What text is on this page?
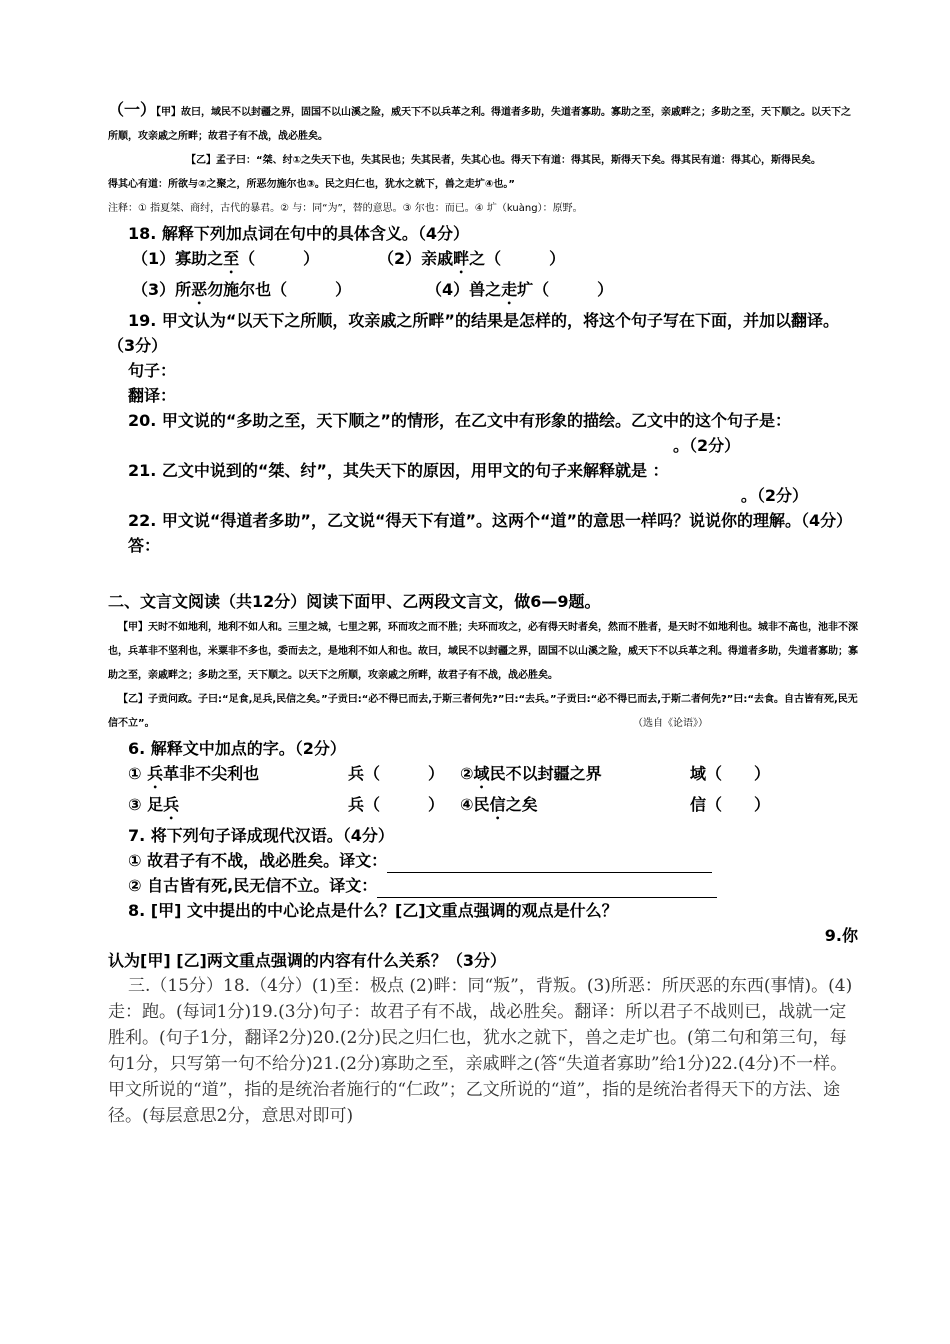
（一）【甲】故曰，域民不以封疆之界，固国不以山溪之险，威天下不以兵革之利。得道者多助，失道者寡助。寡助之至，亲戚畔之；多助之至，天下顺之。以天下之所顺，攻亲戚之所畔；故君子有不战，战必胜矣。
【乙】孟子曰：“桀、纣①之失天下也，失其民也；失其民者，失其心也。得天下有道：得其民，斯得天下矣。得其民有道：得其心，斯得民矣。
得其心有道：所欲与②之聚之，所恶勿施尔也③。民之归仁也，犹水之就下，兽之走圹④也。”
注释：① 指夏桀、商纣，古代的暴君。② 与：同“为”，替的意思。③ 尔也：而已。④ 圹（kuàng）：原野。
18. 解释下列加点词在句中的具体含义。（4分）
（1）寡助之至（　　　）	（2）亲戚畔之（　　　）
（3）所恶勿施尔也（　　　）	（4）兽之走圹（　　　）
19. 甲文认为“以天下之所顺，攻亲戚之所畔”的结果是怎样的，将这个句子写在下面，并加以翻译。（3分）
句子：
翻译：
20. 甲文说的“多助之至，天下顺之”的情形，在乙文中有形象的描绘。乙文中的这个句子是：。（2分）
21. 乙文中说到的“桀、纣”，其失天下的原因，用甲文的句子来解释就是 ：
。（2分）
22. 甲文说“得道者多助”，乙文说“得天下有道”。这两个“道”的意思一样吗？说说你的理解。（4分）
答：
二、文言文阅读（共12分）阅读下面甲、乙两段文言文，做6—9题。
【甲】天时不如地利，地利不如人和。三里之城，七里之郭，环而攻之而不胜；夫环而攻之，必有得天时者矣，然而不胜者，是天时不如地利也。城非不高也，池非不深也，兵革非不坚利也，米粟非不多也，委而去之，是地利不如人和也。故曰，域民不以封疆之界，固国不以山溪之险，威天下不以兵革之利。得道者多助，失道者寡助；寡助之至，亲戚畔之；多助之至，天下顺之。以天下之所顺，攻亲戚之所畔，故君子有不战，战必胜矣。
【乙】子贡问政。子曰:“足食,足兵,民信之矣。”子贡曰:“必不得已而去,于斯三者何先?”曰:“去兵。”子贡曰:“必不得已而去,于斯二者何先?”曰:“去食。自古皆有死,民无信不立”。	（选自《论语》）
6. 解释文中加点的字。（2分）
① 兵革非不尖利也	兵（　　　） ②域民不以封疆之界	域（　　）
③ 足兵	兵（　　　） ④民信之矣	信（　　）
7. 将下列句子译成现代汉语。（4分）
① 故君子有不战，战必胜矣。译文：
② 自古皆有死,民无信不立。译文：
8. [甲] 文中提出的中心论点是什么？[乙]文重点强调的观点是什么？
9.你
认为[甲] [乙]两文重点强调的内容有什么关系？（3分）
三.（15分）18.（4分）(1)至：极点 (2)畔：同“叛”，背叛。(3)所恶：所厌恶的东西(事情)。(4)走：跑。(每词1分)19.(3分)句子：故君子有不战，战必胜矣。翻译：所以君子不战则已，战就一定胜利。(句子1分，翻译2分)20.(2分)民之归仁也，犹水之就下，兽之走圹也。(第二句和第三句，每句1分，只写第一句不给分)21.(2分)寡助之至，亲戚畔之(答“失道者寡助”给1分)22.(4分)不一样。甲文所说的“道”，指的是统治者施行的“仁政”；乙文所说的“道”，指的是统治者得天下的方法、途径。(每层意思2分，意思对即可)
